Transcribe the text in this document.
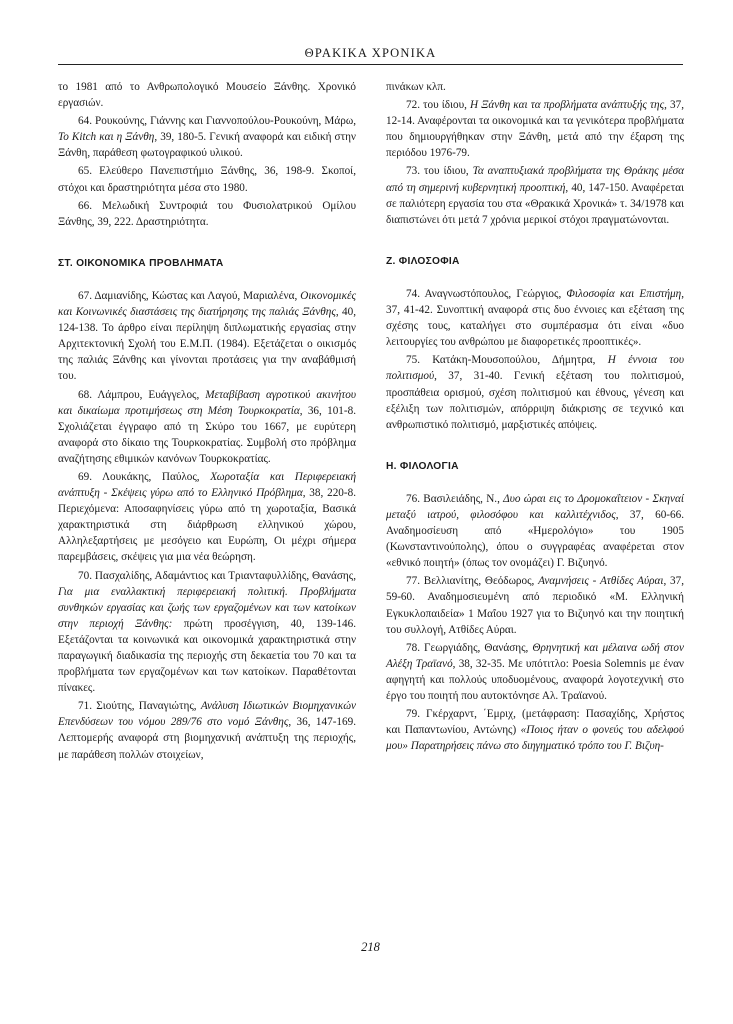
ΘΡΑΚΙΚΑ ΧΡΟΝΙΚΑ

το 1981 από το Ανθρωπολογικό Μουσείο Ξάνθης. Χρονικό εργασιών.

64. Ρουκούνης, Γιάννης και Γιαννοπούλου-Ρουκούνη, Μάρω, Το Kitch και η Ξάνθη, 39, 180-5. Γενική αναφορά και ειδική στην Ξάνθη, παράθεση φωτογραφικού υλικού.

65. Ελεύθερο Πανεπιστήμιο Ξάνθης, 36, 198-9. Σκοποί, στόχοι και δραστηριότητα μέσα στο 1980.

66. Μελωδική Συντροφιά του Φυσιολατρικού Ομίλου Ξάνθης, 39, 222. Δραστηριότητα.

ΣΤ. ΟΙΚΟΝΟΜΙΚΑ ΠΡΟΒΛΗΜΑΤΑ

67. Δαμιανίδης, Κώστας και Λαγού, Μαριαλένα, Οικονομικές και Κοινωνικές διαστάσεις της διατήρησης της παλιάς Ξάνθης, 40, 124-138. Το άρθρο είναι περίληψη διπλωματικής εργασίας στην Αρχιτεκτονική Σχολή του Ε.Μ.Π. (1984). Εξετάζεται ο οικισμός της παλιάς Ξάνθης και γίνονται προτάσεις για την αναβάθμισή του.

68. Λάμπρου, Ευάγγελος, Μεταβίβαση αγροτικού ακινήτου και δικαίωμα προτιμήσεως στη Μέση Τουρκοκρατία, 36, 101-8. Σχολιάζεται έγγραφο από τη Σκύρο του 1667, με ευρύτερη αναφορά στο δίκαιο της Τουρκοκρατίας. Συμβολή στο πρόβλημα αναζήτησης εθιμικών κανόνων Τουρκοκρατίας.

69. Λουκάκης, Παύλος, Χωροταξία και Περιφερειακή ανάπτυξη - Σκέψεις γύρω από το Ελληνικό Πρόβλημα, 38, 220-8. Περιεχόμενα: Αποσαφηνίσεις γύρω από τη χωροταξία, Βασικά χαρακτηριστικά στη διάρθρωση ελληνικού χώρου, Αλληλεξαρτήσεις με μεσόγειο και Ευρώπη, Οι μέχρι σήμερα παρεμβάσεις, σκέψεις για μια νέα θεώρηση.

70. Πασχαλίδης, Αδαμάντιος και Τριανταφυλλίδης, Θανάσης, Για μια εναλλακτική περιφερειακή πολιτική. Προβλήματα συνθηκών εργασίας και ζωής των εργαζομένων και των κατοίκων στην περιοχή Ξάνθης: πρώτη προσέγγιση, 40, 139-146. Εξετάζονται τα κοινωνικά και οικονομικά χαρακτηριστικά στην παραγωγική διαδικασία της περιοχής στη δεκαετία του 70 και τα προβλήματα των εργαζομένων και των κατοίκων. Παραθέτονται πίνακες.

71. Σιούτης, Παναγιώτης, Ανάλυση Ιδιωτικών Βιομηχανικών Επενδύσεων του νόμου 289/76 στο νομό Ξάνθης, 36, 147-169. Λεπτομερής αναφορά στη βιομηχανική ανάπτυξη της περιοχής, με παράθεση πολλών στοιχείων,

πινάκων κλπ.

72. του ίδιου, Η Ξάνθη και τα προβλήματα ανάπτυξής της, 37, 12-14. Αναφέρονται τα οικονομικά και τα γενικότερα προβλήματα που δημιουργήθηκαν στην Ξάνθη, μετά από την έξαρση της περιόδου 1976-79.

73. του ίδιου, Τα αναπτυξιακά προβλήματα της Θράκης μέσα από τη σημερινή κυβερνητική προοπτική, 40, 147-150. Αναφέρεται σε παλιότερη εργασία του στα «Θρακικά Χρονικά» τ. 34/1978 και διαπιστώνει ότι μετά 7 χρόνια μερικοί στόχοι πραγματώνονται.

Ζ. ΦΙΛΟΣΟΦΙΑ

74. Αναγνωστόπουλος, Γεώργιος, Φιλοσοφία και Επιστήμη, 37, 41-42. Συνοπτική αναφορά στις δυο έννοιες και εξέταση της σχέσης τους, καταλήγει στο συμπέρασμα ότι είναι «δυο λειτουργίες του ανθρώπου με διαφορετικές προοπτικές».

75. Κατάκη-Μουσοπούλου, Δήμητρα, Η έννοια του πολιτισμού, 37, 31-40. Γενική εξέταση του πολιτισμού, προσπάθεια ορισμού, σχέση πολιτισμού και έθνους, γένεση και εξέλιξη των πολιτισμών, απόρριψη διάκρισης σε τεχνικό και ανθρωπιστικό πολιτισμό, μαρξιστικές απόψεις.

Η. ΦΙΛΟΛΟΓΙΑ

76. Βασιλειάδης, Ν., Δυο ώραι εις το Δρομοκαΐτειον - Σκηναί μεταξύ ιατρού, φιλοσόφου και καλλιτέχνιδος, 37, 60-66. Αναδημοσίευση από «Ημερολόγιο» του 1905 (Κωνσταντινούπολης), όπου ο συγγραφέας αναφέρεται στον «εθνικό ποιητή» (όπως τον ονομάζει) Γ. Βιζυηνό.

77. Βελλιανίτης, Θεόδωρος, Αναμνήσεις - Ατθίδες Αύραι, 37, 59-60. Αναδημοσιευμένη από περιοδικό «Μ. Ελληνική Εγκυκλοπαιδεία» 1 Μαΐου 1927 για το Βιζυηνό και την ποιητική του συλλογή, Ατθίδες Αύραι.

78. Γεωργιάδης, Θανάσης, Θρηνητική και μέλαινα ωδή στον Αλέξη Τραϊανό, 38, 32-35. Με υπότιτλο: Poesia Solemnis με έναν αφηγητή και πολλούς υποδυομένους, αναφορά λογοτεχνική στο έργο του ποιητή που αυτοκτόνησε Αλ. Τραϊανού.

79. Γκέρχαρντ, ΄Εμριχ, (μετάφραση: Πασαχίδης, Χρήστος και Παπαντωνίου, Αντώνης) «Ποιος ήταν ο φονεύς του αδελφού μου» Παρατηρήσεις πάνω στο διηγηματικό τρόπο του Γ. Βιζυη-

218
